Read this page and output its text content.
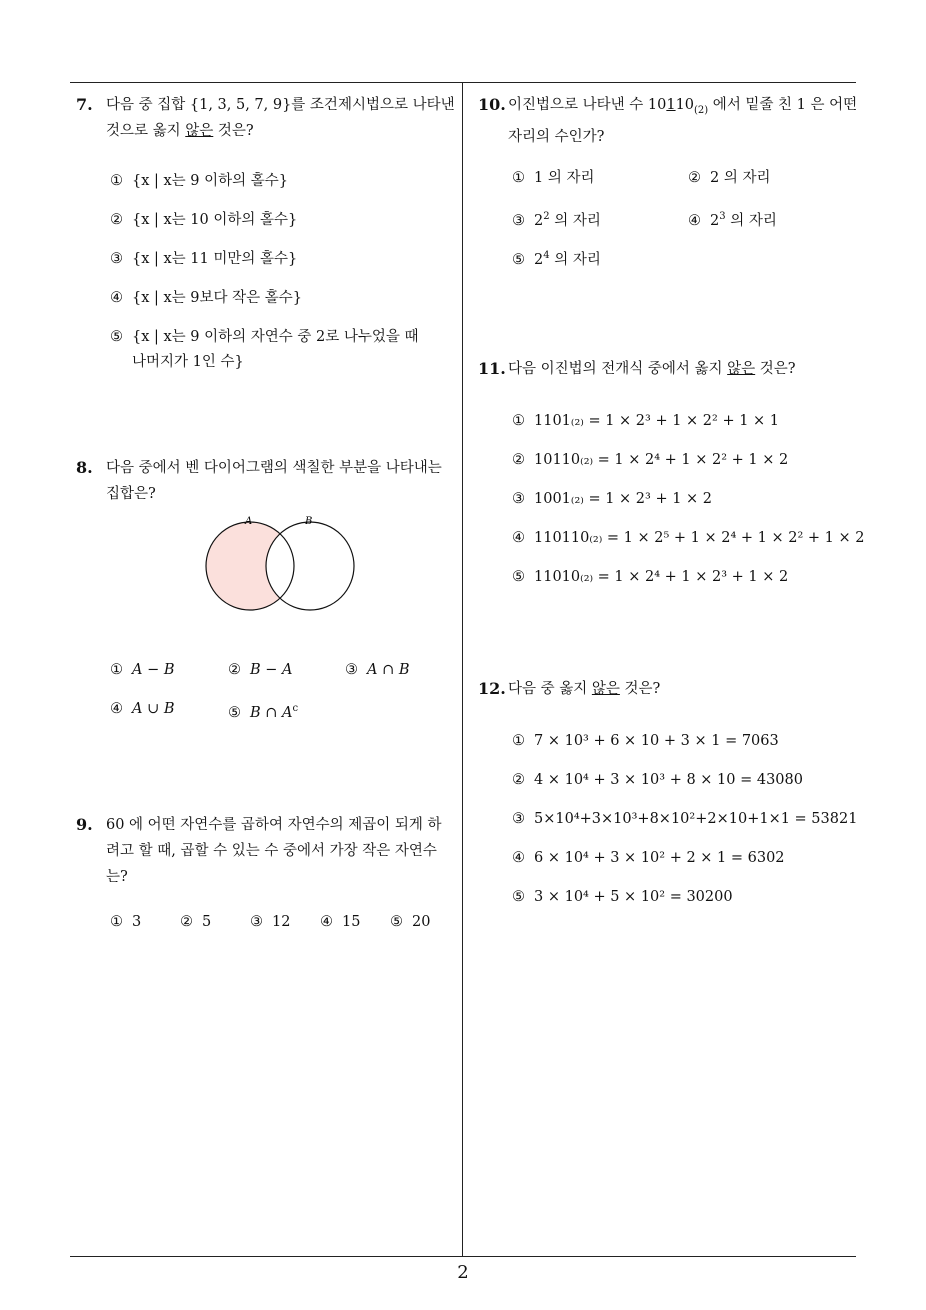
7. 다음 중 집합 {1, 3, 5, 7, 9}를 조건제시법으로 나타낸
것으로 옳지 않은 것은?
① {x | x는 9 이하의 홀수}
② {x | x는 10 이하의 홀수}
③ {x | x는 11 미만의 홀수}
④ {x | x는 9보다 작은 홀수}
⑤ {x | x는 9 이하의 자연수 중 2로 나누었을 때
나머지가 1인 수}
8. 다음 중에서 벤 다이어그램의 색칠한 부분을 나타내는
집합은?
A	B
① A − B	② B − A	③ A ∩ B
④ A ∪ B	⑤ B ∩ $A^c$
9. 60 에 어떤 자연수를 곱하여 자연수의 제곱이 되게 하
려고 할 때, 곱할 수 있는 수 중에서 가장 작은 자연수
는?
① 3	② 5	③ 12 ④ 15 ⑤ 20
10. 이진법으로 나타낸 수 $10110_{(2)}$ 에서 밑줄 친 1 은 어떤
자리의 수인가?
① 1 의 자리	② 2 의 자리
③ $2^2$ 의 자리	④ $2^3$ 의 자리
⑤ $2^4$ 의 자리
11. 다음 이진법의 전개식 중에서 옳지 않은 것은?
① 1101₍₂₎ = 1 × 2³ + 1 × 2² + 1 × 1
② 10110₍₂₎ = 1 × 2⁴ + 1 × 2² + 1 × 2
③ 1001₍₂₎ = 1 × 2³ + 1 × 2
④ 110110₍₂₎ = 1 × 2⁵ + 1 × 2⁴ + 1 × 2² + 1 × 2
⑤ 11010₍₂₎ = 1 × 2⁴ + 1 × 2³ + 1 × 2
12. 다음 중 옳지 않은 것은?
① 7 × 10³ + 6 × 10 + 3 × 1 = 7063
② 4 × 10⁴ + 3 × 10³ + 8 × 10 = 43080
③ 5×10⁴+3×10³+8×10²+2×10+1×1 = 53821
④ 6 × 10⁴ + 3 × 10² + 2 × 1 = 6302
⑤ 3 × 10⁴ + 5 × 10² = 30200
2
